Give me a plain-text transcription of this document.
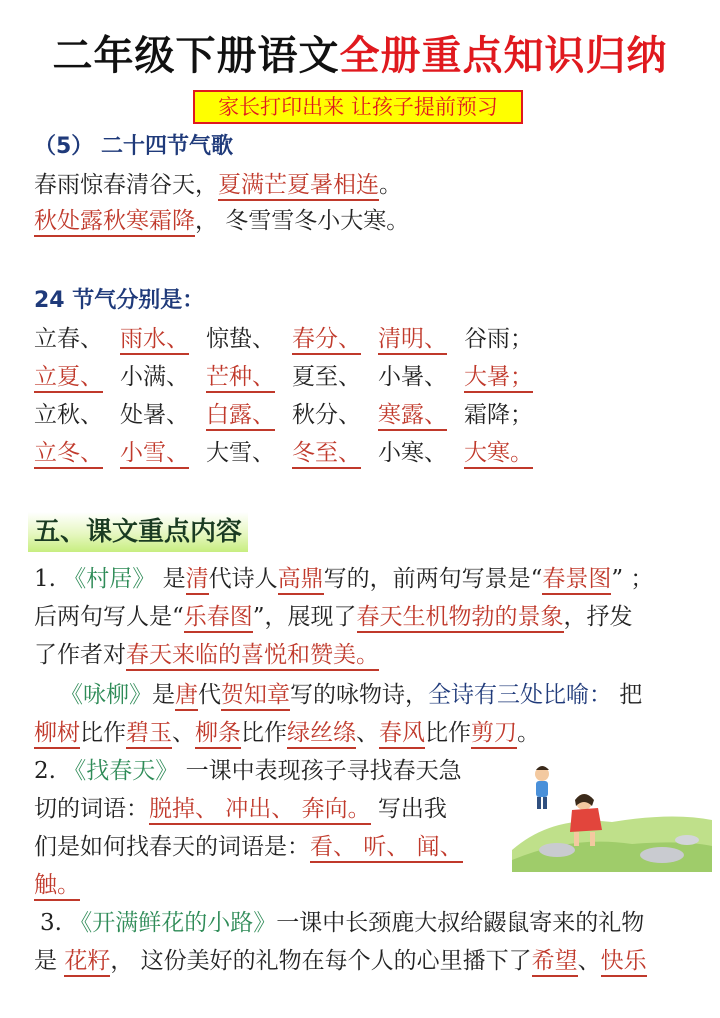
二年级下册语文全册重点知识归纳
家长打印出来 让孩子提前预习
（5） 二十四节气歌
春雨惊春清谷天，夏满芒夏暑相连。
秋处露秋寒霜降， 冬雪雪冬小大寒。
24 节气分别是：
立春、 雨水、 惊蛰、 春分、 清明、 谷雨；
立夏、 小满、 芒种、 夏至、 小暑、 大暑；
立秋、 处暑、 白露、 秋分、 寒露、 霜降；
立冬、 小雪、 大雪、 冬至、 小寒、 大寒。
五、课文重点内容
1. 《村居》 是清代诗人高鼎写的，前两句写景是“春景图” ；
后两句写人是“乐春图”，展现了春天生机物勃的景象，抒发
了作者对春天来临的喜悦和赞美。
《咏柳》是唐代贺知章写的咏物诗，全诗有三处比喻： 把
柳树比作碧玉、柳条比作绿丝绦、春风比作剪刀。
2. 《找春天》 一课中表现孩子寻找春天急
切的词语：脱掉、 冲出、 奔向。 写出我
们是如何找春天的词语是：看、 听、 闻、
触。
3. 《开满鲜花的小路》一课中长颈鹿大叔给鼹鼠寄来的礼物
是 花籽， 这份美好的礼物在每个人的心里播下了希望、快乐
